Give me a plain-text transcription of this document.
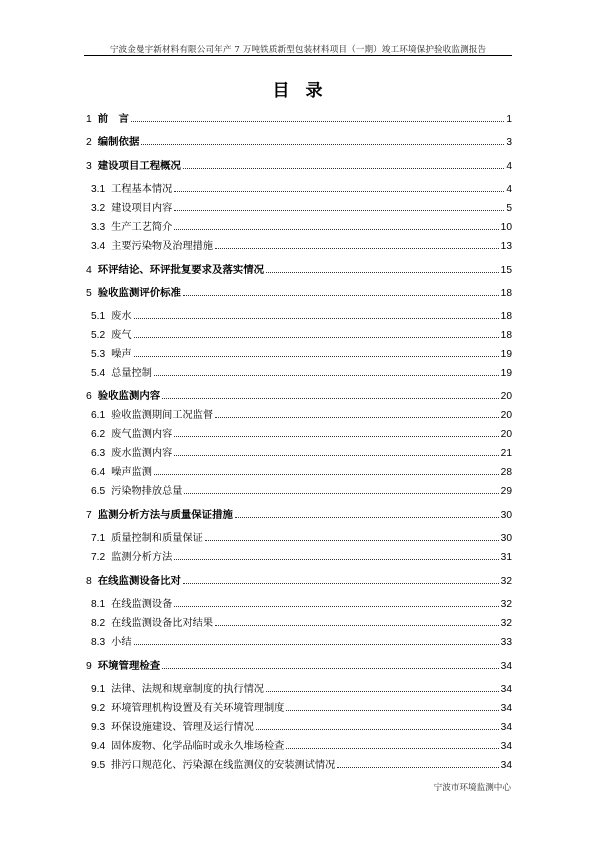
宁波金曼宇新材料有限公司年产 7 万吨铁质新型包装材料项目（一期）竣工环境保护验收监测报告
目录
1 前　言	1
2 编制依据	3
3 建设项目工程概况	4
3.1 工程基本情况	4
3.2 建设项目内容	5
3.3 生产工艺简介	10
3.4 主要污染物及治理措施	13
4 环评结论、环评批复要求及落实情况	15
5 验收监测评价标准	18
5.1 废水	18
5.2 废气	18
5.3 噪声	19
5.4 总量控制	19
6 验收监测内容	20
6.1 验收监测期间工况监督	20
6.2 废气监测内容	20
6.3 废水监测内容	21
6.4 噪声监测	28
6.5 污染物排放总量	29
7 监测分析方法与质量保证措施	30
7.1 质量控制和质量保证	30
7.2 监测分析方法	31
8 在线监测设备比对	32
8.1 在线监测设备	32
8.2 在线监测设备比对结果	32
8.3 小结	33
9 环境管理检查	34
9.1 法律、法规和规章制度的执行情况	34
9.2 环境管理机构设置及有关环境管理制度	34
9.3 环保设施建设、管理及运行情况	34
9.4 固体废物、化学品临时或永久堆场检查	34
9.5 排污口规范化、污染源在线监测仪的安装测试情况	34
宁波市环境监测中心
